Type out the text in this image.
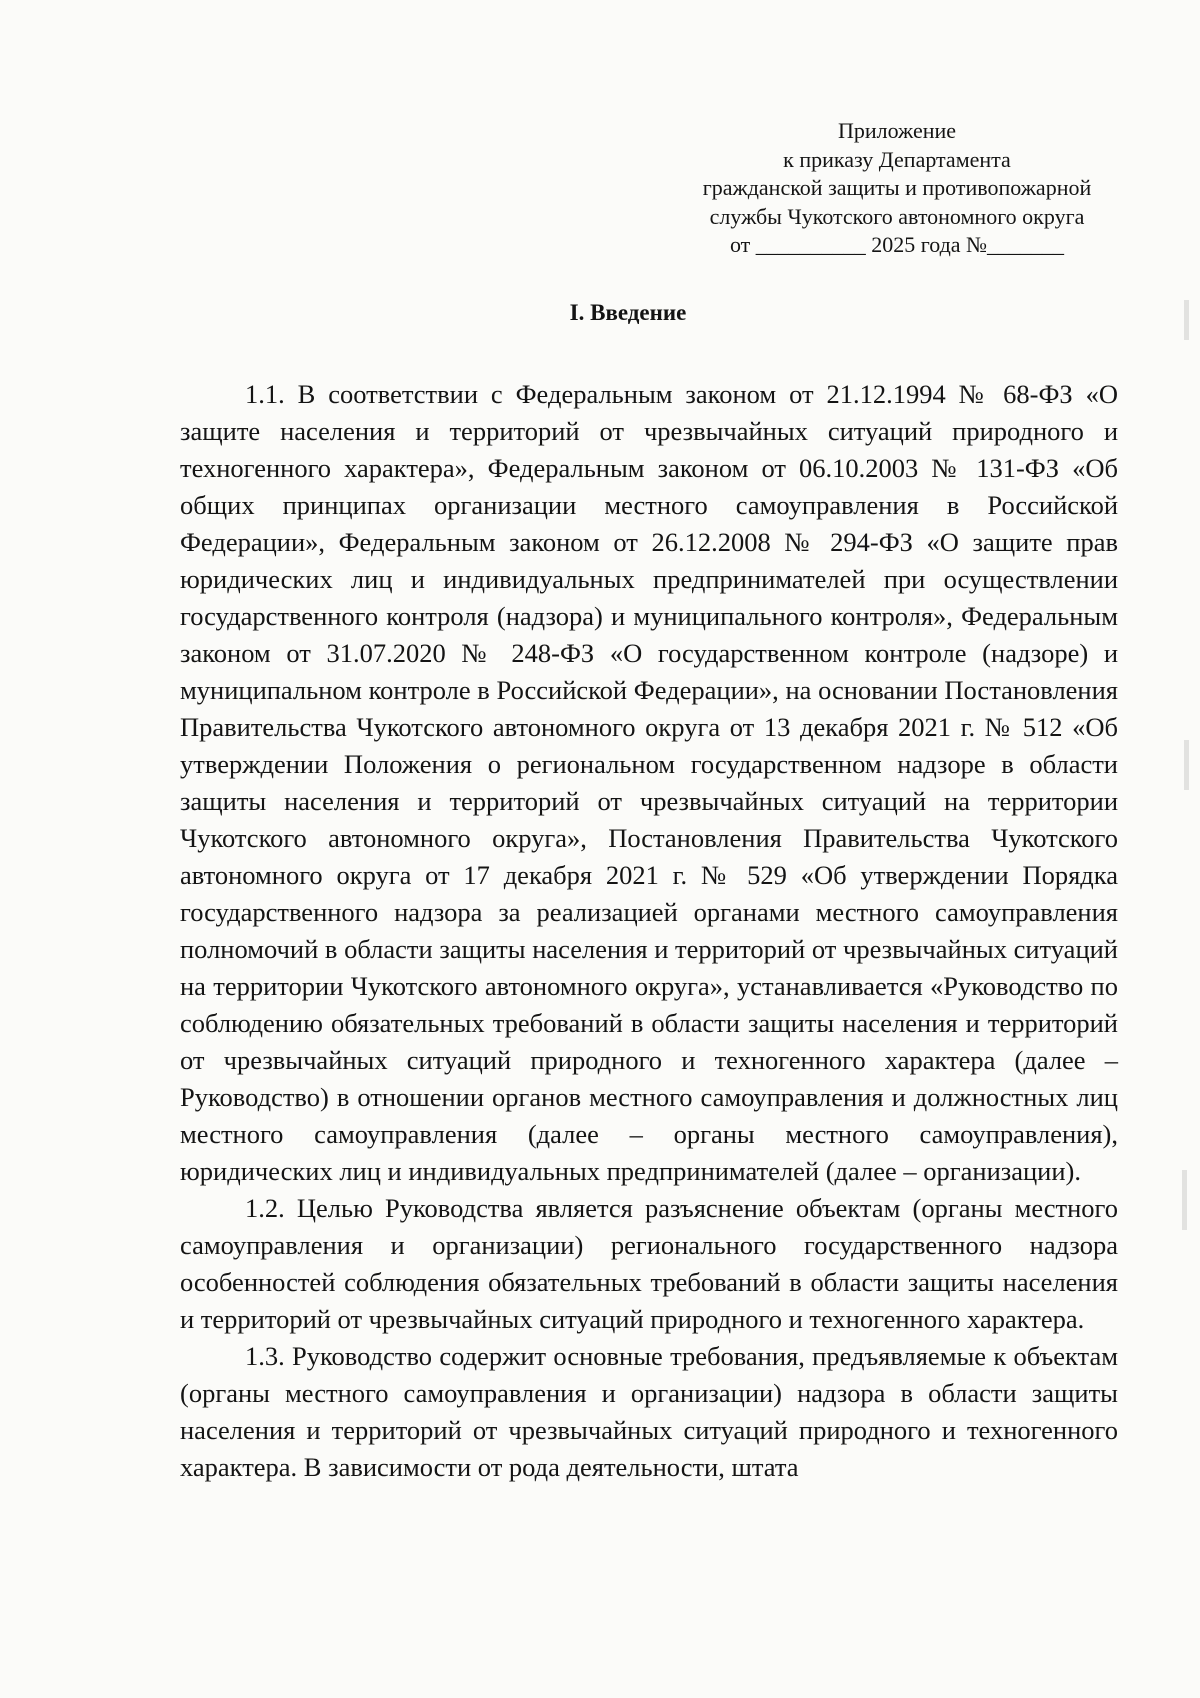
Приложение
к приказу Департамента
гражданской защиты и противопожарной
службы Чукотского автономного округа
от __________ 2025 года №_______
I. Введение

1.1. В соответствии с Федеральным законом от 21.12.1994 № 68-ФЗ «О защите населения и территорий от чрезвычайных ситуаций природного и техногенного характера», Федеральным законом от 06.10.2003 № 131-ФЗ «Об общих принципах организации местного самоуправления в Российской Федерации», Федеральным законом от 26.12.2008 № 294-ФЗ «О защите прав юридических лиц и индивидуальных предпринимателей при осуществлении государственного контроля (надзора) и муниципального контроля», Федеральным законом от 31.07.2020 № 248-ФЗ «О государственном контроле (надзоре) и муниципальном контроле в Российской Федерации», на основании Постановления Правительства Чукотского автономного округа от 13 декабря 2021 г. № 512 «Об утверждении Положения о региональном государственном надзоре в области защиты населения и территорий от чрезвычайных ситуаций на территории Чукотского автономного округа», Постановления Правительства Чукотского автономного округа от 17 декабря 2021 г. № 529 «Об утверждении Порядка государственного надзора за реализацией органами местного самоуправления полномочий в области защиты населения и территорий от чрезвычайных ситуаций на территории Чукотского автономного округа», устанавливается «Руководство по соблюдению обязательных требований в области защиты населения и территорий от чрезвычайных ситуаций природного и техногенного характера (далее – Руководство) в отношении органов местного самоуправления и должностных лиц местного самоуправления (далее – органы местного самоуправления), юридических лиц и индивидуальных предпринимателей (далее – организации).

1.2. Целью Руководства является разъяснение объектам (органы местного самоуправления и организации) регионального государственного надзора особенностей соблюдения обязательных требований в области защиты населения и территорий от чрезвычайных ситуаций природного и техногенного характера.

1.3. Руководство содержит основные требования, предъявляемые к объектам (органы местного самоуправления и организации) надзора в области защиты населения и территорий от чрезвычайных ситуаций природного и техногенного характера. В зависимости от рода деятельности, штата
